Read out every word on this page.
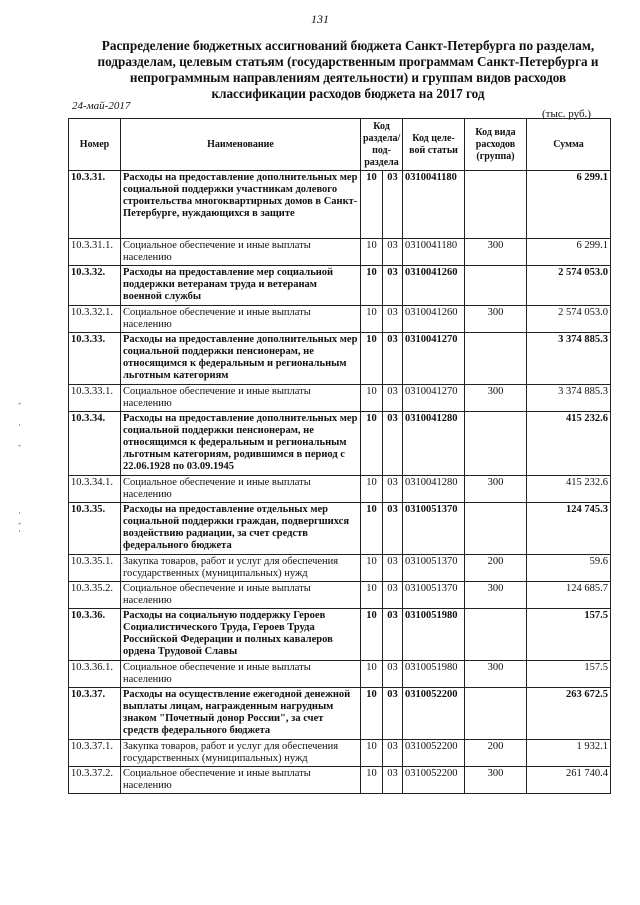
131
Распределение бюджетных ассигнований бюджета Санкт-Петербурга по разделам, подразделам, целевым статьям (государственным программам Санкт-Петербурга и непрограммным направлениям деятельности) и группам видов расходов классификации расходов бюджета на 2017 год
24-май-2017
(тыс. руб.)
-
·
-
·
-
·
Номер	Наименование	Код раздела/ под- раздела		Код целе- вой статьи	Код вида расходов (группа)	Сумма
10.3.31.	Расходы на предоставление дополнительных мер социальной поддержки участникам долевого строительства многоквартирных домов в Санкт-Петербурге, нуждающихся в защите	10	03	0310041180		6 299.1
10.3.31.1.	Социальное обеспечение и иные выплаты населению	10	03	0310041180	300	6 299.1
10.3.32.	Расходы на предоставление мер социальной поддержки ветеранам труда и ветеранам военной службы	10	03	0310041260		2 574 053.0
10.3.32.1.	Социальное обеспечение и иные выплаты населению	10	03	0310041260	300	2 574 053.0
10.3.33.	Расходы на предоставление дополнительных мер социальной поддержки пенсионерам, не относящимся к федеральным и региональным льготным категориям	10	03	0310041270		3 374 885.3
10.3.33.1.	Социальное обеспечение и иные выплаты населению	10	03	0310041270	300	3 374 885.3
10.3.34.	Расходы на предоставление дополнительных мер социальной поддержки пенсионерам, не относящимся к федеральным и региональным льготным категориям, родившимся в период с 22.06.1928 по 03.09.1945	10	03	0310041280		415 232.6
10.3.34.1.	Социальное обеспечение и иные выплаты населению	10	03	0310041280	300	415 232.6
10.3.35.	Расходы на предоставление отдельных мер социальной поддержки граждан, подвергшихся воздействию радиации, за счет средств федерального бюджета	10	03	0310051370		124 745.3
10.3.35.1.	Закупка товаров, работ и услуг для обеспечения государственных (муниципальных) нужд	10	03	0310051370	200	59.6
10.3.35.2.	Социальное обеспечение и иные выплаты населению	10	03	0310051370	300	124 685.7
10.3.36.	Расходы на социальную поддержку Героев Социалистического Труда, Героев Труда Российской Федерации и полных кавалеров ордена Трудовой Славы	10	03	0310051980		157.5
10.3.36.1.	Социальное обеспечение и иные выплаты населению	10	03	0310051980	300	157.5
10.3.37.	Расходы на осуществление ежегодной денежной выплаты лицам, награжденным нагрудным знаком "Почетный донор России", за счет средств федерального бюджета	10	03	0310052200		263 672.5
10.3.37.1.	Закупка товаров, работ и услуг для обеспечения государственных (муниципальных) нужд	10	03	0310052200	200	1 932.1
10.3.37.2.	Социальное обеспечение и иные выплаты населению	10	03	0310052200	300	261 740.4
